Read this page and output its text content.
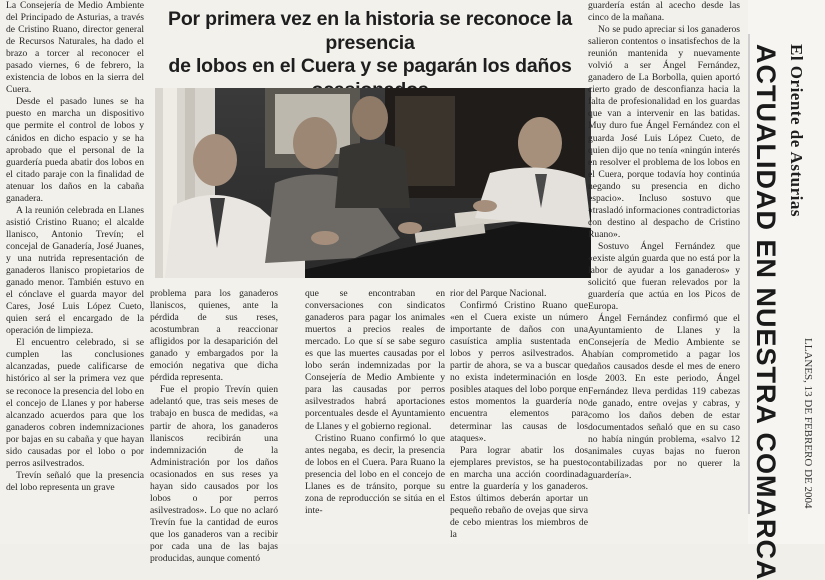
La Consejería de Medio Ambiente del Principado de Asturias, a través de Cristino Ruano, director general de Recursos Naturales, ha dado el brazo a torcer al reconocer el pasado viernes, 6 de febrero, la existencia de lobos en la sierra del Cuera.

Desde el pasado lunes se ha puesto en marcha un dispositivo que permite el control de lobos y cánidos en dicho espacio y se ha aprobado que el personal de la guardería pueda abatir dos lobos en el citado paraje con la finalidad de atenuar los daños en la cabaña ganadera.

A la reunión celebrada en Llanes asistió Cristino Ruano; el alcalde llanisco, Antonio Trevín; el concejal de Ganadería, José Juanes, y una nutrida representación de ganaderos llanisco propietarios de ganado menor. También estuvo en el cónclave el guarda mayor del Cares, José Luis López Cueto, quien será el encargado de la operación de limpieza.

El encuentro celebrado, si se cumplen las conclusiones alcanzadas, puede calificarse de histórico al ser la primera vez que se reconoce la presencia del lobo en el concejo de Llanes y por haberse alcanzado acuerdos para que los ganaderos cobren indemnizaciones por bajas en su cabaña y que hayan sido causadas por el lobo o por perros asilvestrados.

Trevín señaló que la presencia del lobo representa un grave

Por primera vez en la historia se reconoce la presencia
de lobos en el Cuera y se pagarán los daños

problema para los ganaderos llaniscos, quienes, ante la pérdida de sus reses, acostumbran a reaccionar afligidos por la desaparición del ganado y embargados por la emoción negativa que dicha pérdida representa.

Fue el propio Trevín quien adelantó que, tras seis meses de trabajo en busca de medidas, «a partir de ahora, los ganaderos llaniscos recibirán una indemnización de la Administración por los daños ocasionados en sus reses ya hayan sido causados por los lobos o por perros asilvestrados». Lo que no aclaró Trevín fue la cantidad de euros que los ganaderos van a recibir por cada una de las bajas producidas, aunque comentó

que se encontraban en conversaciones con sindicatos ganaderos para pagar los animales muertos a precios reales de mercado. Lo que sí se sabe seguro es que las muertes causadas por el lobo serán indemnizadas por la Consejería de Medio Ambiente y para las causadas por perros asilvestrados habrá aportaciones porcentuales desde el Ayuntamiento de Llanes y el gobierno regional.

Cristino Ruano confirmó lo que antes negaba, es decir, la presencia de lobos en el Cuera. Para Ruano la presencia del lobo en el concejo de Llanes es de tránsito, porque su zona de reproducción se sitúa en el inte-

rior del Parque Nacional.

Confirmó Cristino Ruano que «en el Cuera existe un número importante de daños con una casuística amplia sustentada en lobos y perros asilvestrados. A partir de ahora, se va a buscar que no exista indeterminación en los posibles ataques del lobo porque en estos momentos la guardería no encuentra elementos para determinar las causas de los ataques».

Para lograr abatir los dos ejemplares previstos, se ha puesto en marcha una acción coordinada entre la guardería y los ganaderos. Estos últimos deberán aportar un pequeño rebaño de ovejas que sirva de cebo mientras los miembros de la

guardería están al acecho desde las cinco de la mañana.

No se pudo apreciar si los ganaderos salieron contentos o insatisfechos de la reunión mantenida y nuevamente volvió a ser Ángel Fernández, ganadero de La Borbolla, quien aportó cierto grado de desconfianza hacia la falta de profesionalidad en los guardas que van a intervenir en las batidas. Muy duro fue Ángel Fernández con el guarda José Luis López Cueto, de quien dijo que no tenía «ningún interés en resolver el problema de los lobos en el Cuera, porque todavía hoy continúa negando su presencia en dicho espacio». Incluso sostuvo que «trasladó informaciones contradictorias con destino al despacho de Cristino Ruano».

Sostuvo Ángel Fernández que «existe algún guarda que no está por la labor de ayudar a los ganaderos» y solicitó que fueran relevados por la guardería que actúa en los Picos de Europa.

Ángel Fernández confirmó que el Ayuntamiento de Llanes y la Consejería de Medio Ambiente se habían comprometido a pagar los daños causados desde el mes de enero de 2003. En este periodo, Ángel Fernández lleva perdidas 119 cabezas de ganado, entre ovejas y cabras, y como los daños deben de estar documentados señaló que en su caso no había ningún problema, «salvo 12 animales cuyas bajas no fueron contabilizadas por no querer la guardería».

El Oriente de Asturias
ACTUALIDAD EN NUESTRA COMARCA LLANES, 13 DE FEBRERO DE 2004
